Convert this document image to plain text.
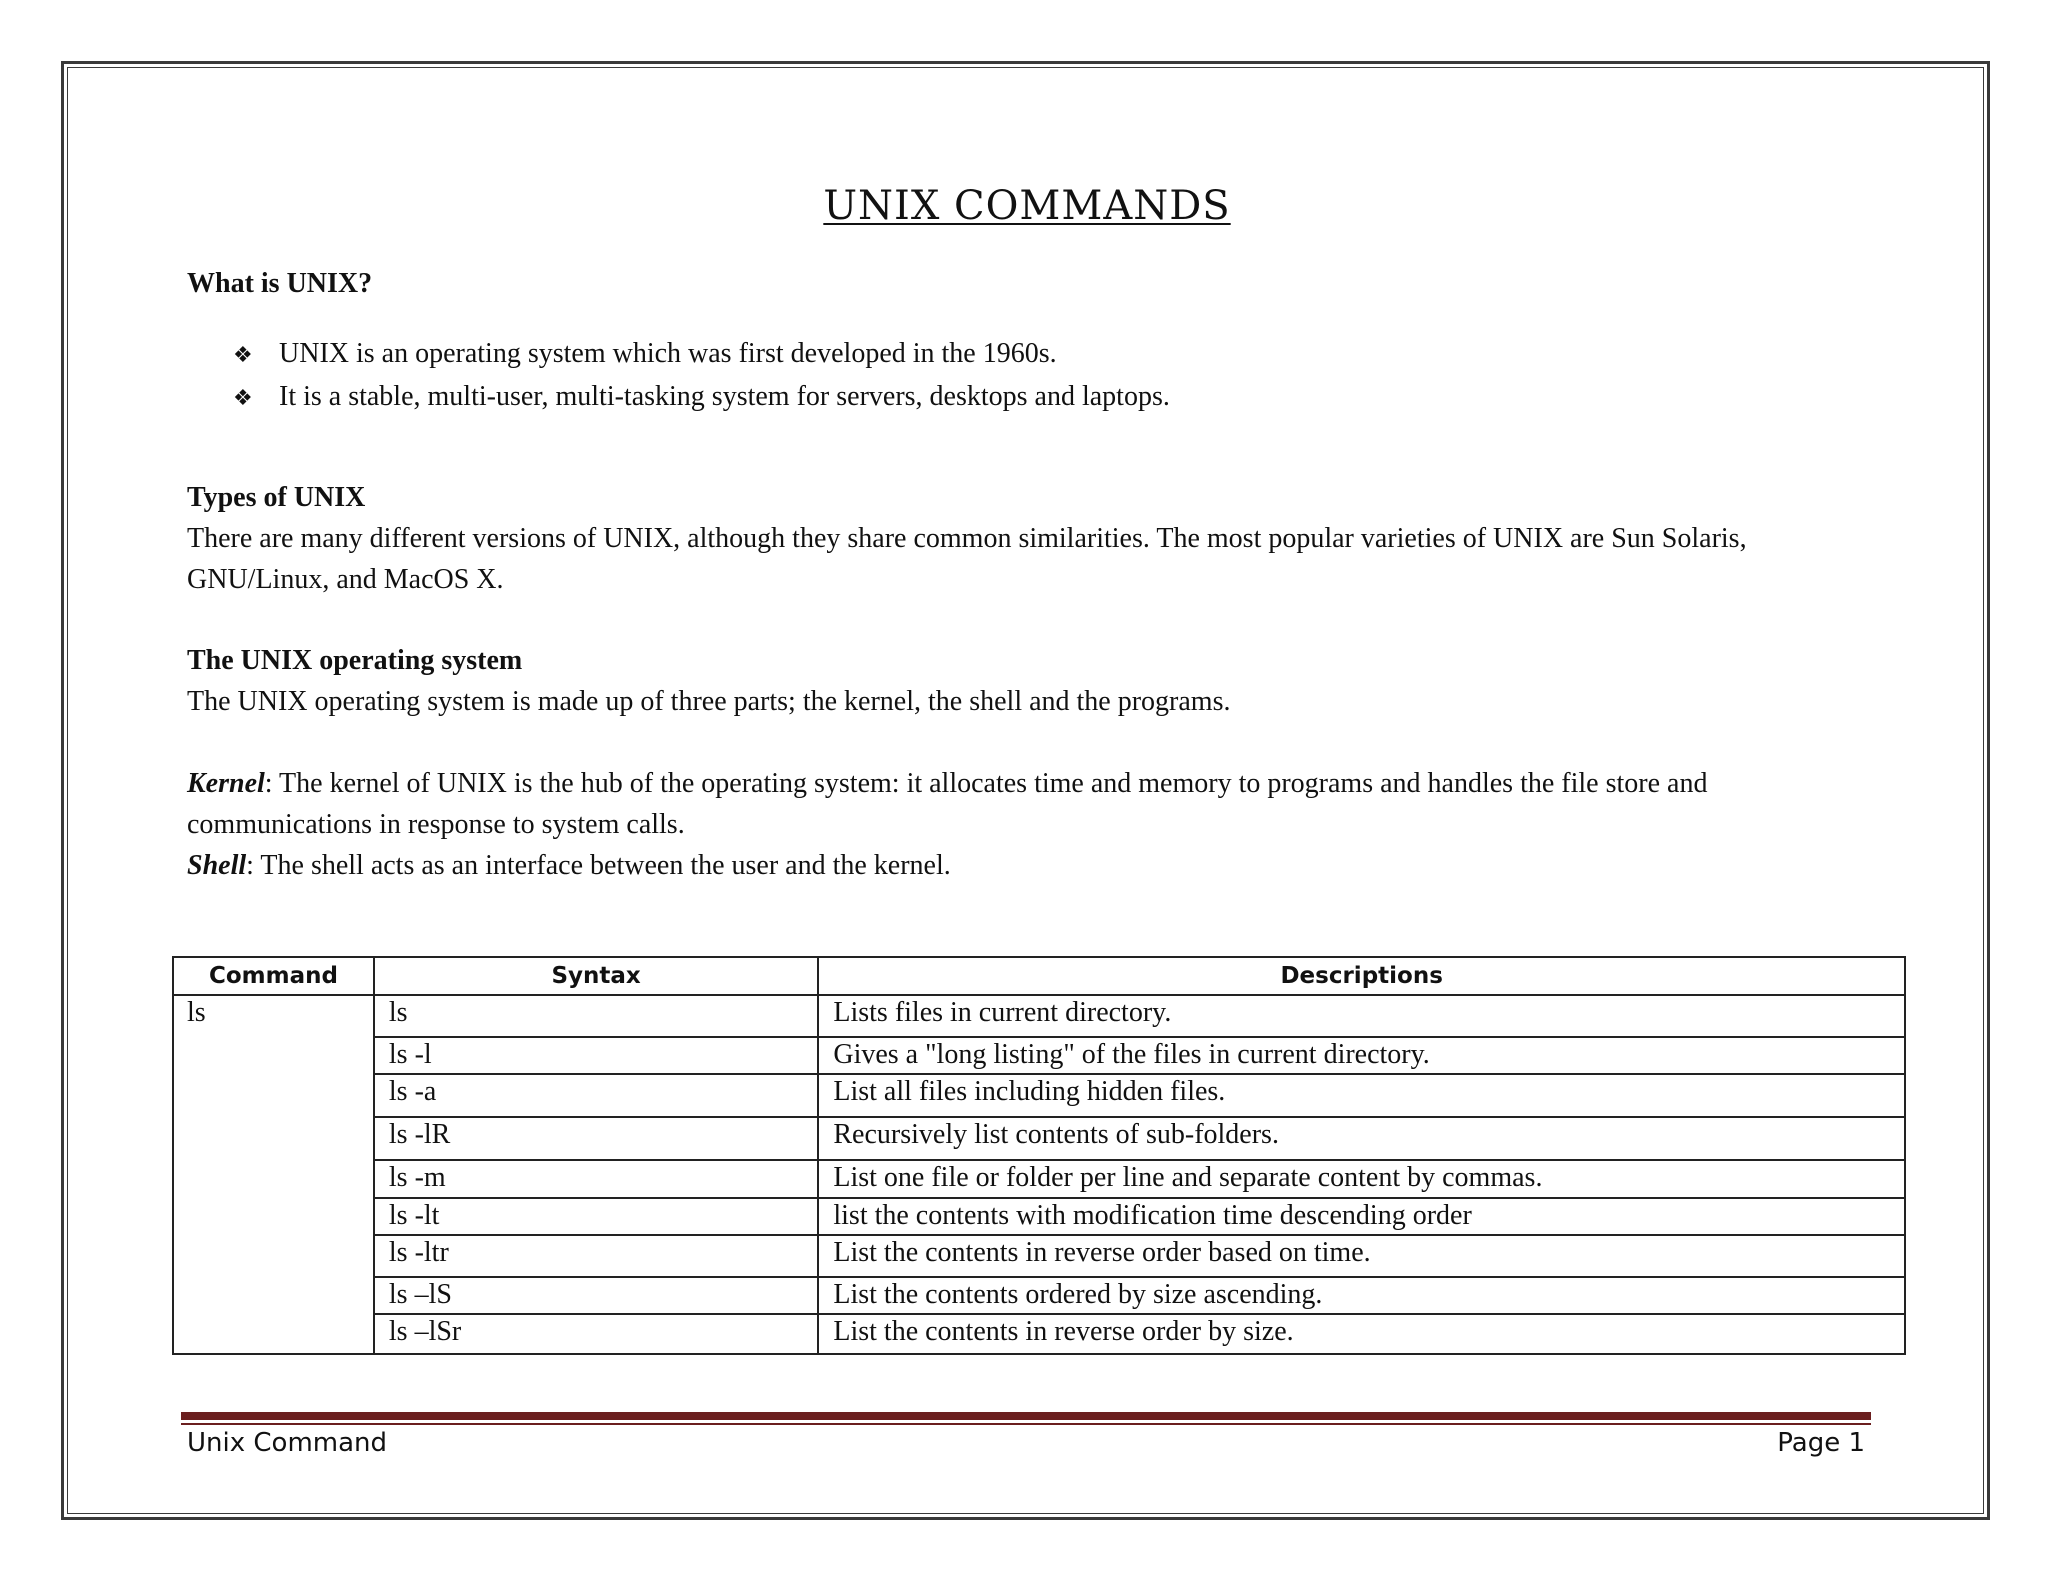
UNIX COMMANDS
What is UNIX?
❖ UNIX is an operating system which was first developed in the 1960s.
❖ It is a stable, multi-user, multi-tasking system for servers, desktops and laptops.
Types of UNIX

There are many different versions of UNIX, although they share common similarities. The most popular varieties of UNIX are Sun Solaris, GNU/Linux, and MacOS X.

The UNIX operating system

The UNIX operating system is made up of three parts; the kernel, the shell and the programs.

Kernel: The kernel of UNIX is the hub of the operating system: it allocates time and memory to programs and handles the file store and communications in response to system calls.

Shell: The shell acts as an interface between the user and the kernel.

Command	Syntax	Descriptions
ls	ls	Lists files in current directory.
	ls -l	Gives a "long listing" of the files in current directory.
	ls -a	List all files including hidden files.
	ls -lR	Recursively list contents of sub-folders.
	ls -m	List one file or folder per line and separate content by commas.
	ls -lt	list the contents with modification time descending order
	ls -ltr	List the contents in reverse order based on time.
	ls –lS	List the contents ordered by size ascending.
	ls –lSr	List the contents in reverse order by size.
Unix Command	Page 1
